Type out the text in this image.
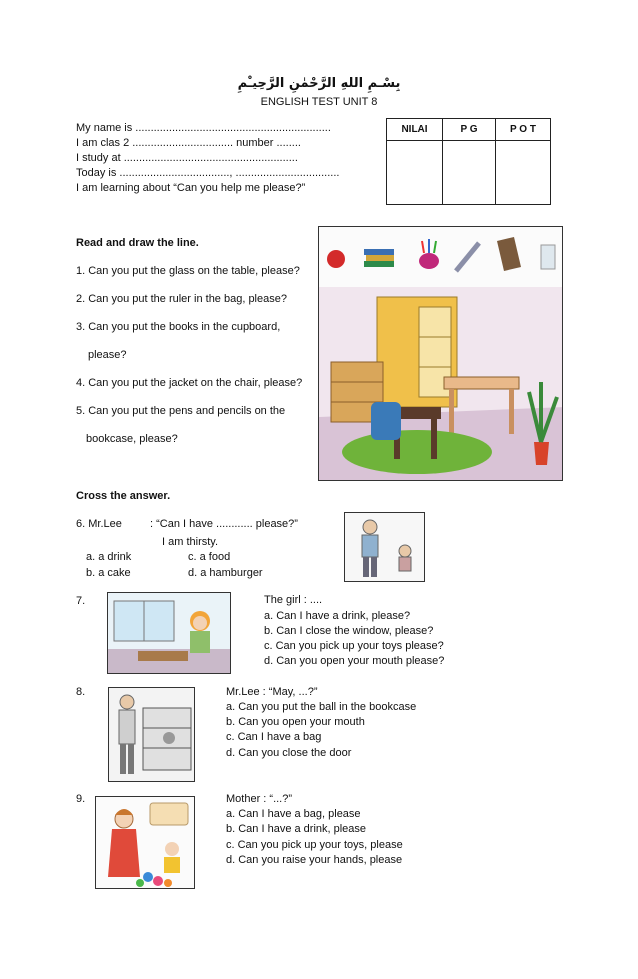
بِسْـمِ اللهِ الرَّحْمٰنِ الرَّحِيـْمِ
ENGLISH TEST UNIT 8
My name is ................................................................
I am clas 2 ................................. number ........
I study at .........................................................
Today is ...................................., ..................................
I am learning about “Can you help me please?”
NILAI	P G	P O T

Read and draw the line.
1. Can you put the glass on the table, please?
2. Can you put the ruler in the bag, please?
3. Can you put the books in the cupboard,
please?
4. Can you put the jacket on the chair, please?
5. Can you put the pens and pencils on the
bookcase, please?
Cross the answer.
6. Mr.Lee	: “Can I have ............ please?”
I am thirsty.
a. a drink	c. a food
b. a cake	d. a hamburger
7.	The girl : ....
a. Can I have a drink, please?
b. Can I close the window, please?
c. Can you pick up your toys please?
d. Can you open your mouth please?
8.	Mr.Lee : “May, ...?”
a. Can you put the ball in the bookcase
b. Can you open your mouth
c. Can I have a bag
d. Can you close the door
9.	Mother : “...?”
a. Can I have a bag, please
b. Can I have a drink, please
c. Can you pick up your toys, please
d. Can you raise your hands, please
